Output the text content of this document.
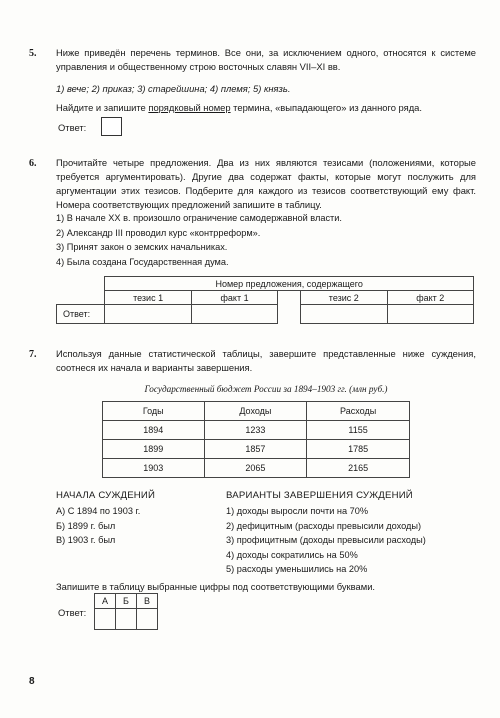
5. Ниже приведён перечень терминов. Все они, за исключением одного, относятся к системе управления и общественному строю восточных славян VII–XI вв.

1) вече; 2) приказ; 3) старейшина; 4) племя; 5) князь.

Найдите и запишите порядковый номер термина, «выпадающего» из данного ряда.

Ответ:
6. Прочитайте четыре предложения. Два из них являются тезисами (положениями, которые требуется аргументировать). Другие два содержат факты, которые могут послужить для аргументации этих тезисов. Подберите для каждого из тезисов соответствующий ему факт. Номера соответствующих предложений запишите в таблицу.

1) В начале XX в. произошло ограничение самодержавной власти.

2) Александр III проводил курс «контрреформ».

3) Принят закон о земских начальниках.

4) Была создана Государственная дума.

	Номер предложения, содержащего				
	тезис 1	факт 1		тезис 2	факт 2
Ответ:					
7. Используя данные статистической таблицы, завершите представленные ниже суждения, соотнеся их начала и варианты завершения.

Государственный бюджет России за 1894–1903 гг. (млн руб.)
Годы	Доходы	Расходы
1894	1233	1155
1899	1857	1785
1903	2065	2165
НАЧАЛА СУЖДЕНИЙ

А) С 1894 по 1903 г.

Б) 1899 г. был

В) 1903 г. был

ВАРИАНТЫ ЗАВЕРШЕНИЯ СУЖДЕНИЙ

1) доходы выросли почти на 70%

2) дефицитным (расходы превысили доходы)

3) профицитным (доходы превысили расходы)

4) доходы сократились на 50%

5) расходы уменьшились на 20%

Запишите в таблицу выбранные цифры под соответствующими буквами.

Ответ:
А	Б	В

8
